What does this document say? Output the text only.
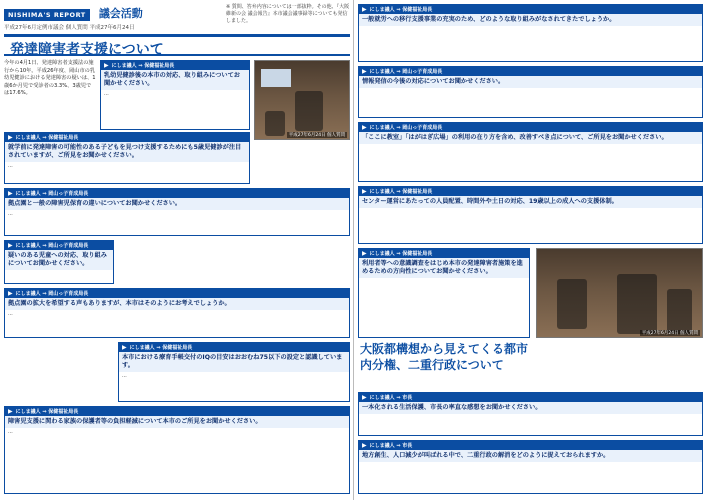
NISHIMA'S REPORT 議会活動
平成27年6月定例市議会 個人質問 平成27年6月24日
※ 質問、答弁内容については一部抜粋。その他、『大阪維新の会 議会報告』本市議会議事録等についても発信しました。
発達障害者支援について
今年の4月1日、発達障害者支援法の施行から10年。平成26年度、岡山市の乳幼児健診における発達障害の疑いは、1歳6か月児で受診者の3.3%、3歳児では17.6%。
▶ にしま議人 ⇒ 保健福祉局長
乳幼児健診後の本市の対応、取り組みについてお聞かせください。
…
平成27年6月24日 個人質問
▶ にしま議人 ⇒ 保健福祉局長
就学前に発達障害の可能性のある子どもを見つけ支援するためにも5歳児健診が注目されていますが、ご所見をお聞かせください。
…
▶ にしま議人 ⇒ 岡山っ子育成局長
拠点園と一般の障害児保育の違いについてお聞かせください。
…
▶ にしま議人 ⇒ 岡山っ子育成局長
疑いのある児童への対応、取り組みについてお聞かせください。
▶ にしま議人 ⇒ 岡山っ子育成局長
拠点園の拡大を希望する声もありますが、本市はそのようにお考えでしょうか。
…
▶ にしま議人 ⇒ 保健福祉局長
本市における療育手帳交付のIQの目安はおおむね75以下の設定と認識しています。
…
▶ にしま議人 ⇒ 保健福祉局長
障害児支援に関わる家族の保護者等の負担軽減について本市のご所見をお聞かせください。
…
▶ にしま議人 ⇒ 保健福祉局長
一般就労への移行支援事業の充実のため、どのような取り組みがなされてきたでしょうか。
▶ にしま議人 ⇒ 岡山っ子育成局長
情報発信の今後の対応についてお聞かせください。
▶ にしま議人 ⇒ 岡山っ子育成局長
「ここに教室」「はがはぎ広場」の利用の在り方を含め、改善すべき点について、ご所見をお聞かせください。
▶ にしま議人 ⇒ 保健福祉局長
センター運営にあたっての人員配置、時間外や土日の対応、19歳以上の成人への支援体制。
▶ にしま議人 ⇒ 保健福祉局長
利用者等への意識調査をはじめ本市の発達障害者施策を進めるための方向性についてお聞かせください。
平成27年6月24日 個人質問
大阪都構想から見えてくる都市内分権、二重行政について
▶ にしま議人 ⇒ 市長
一本化される生活保護、市長の率直な感想をお聞かせください。
▶ にしま議人 ⇒ 市長
地方創生、人口減少が叫ばれる中で、二重行政の解消をどのように捉えておられますか。
